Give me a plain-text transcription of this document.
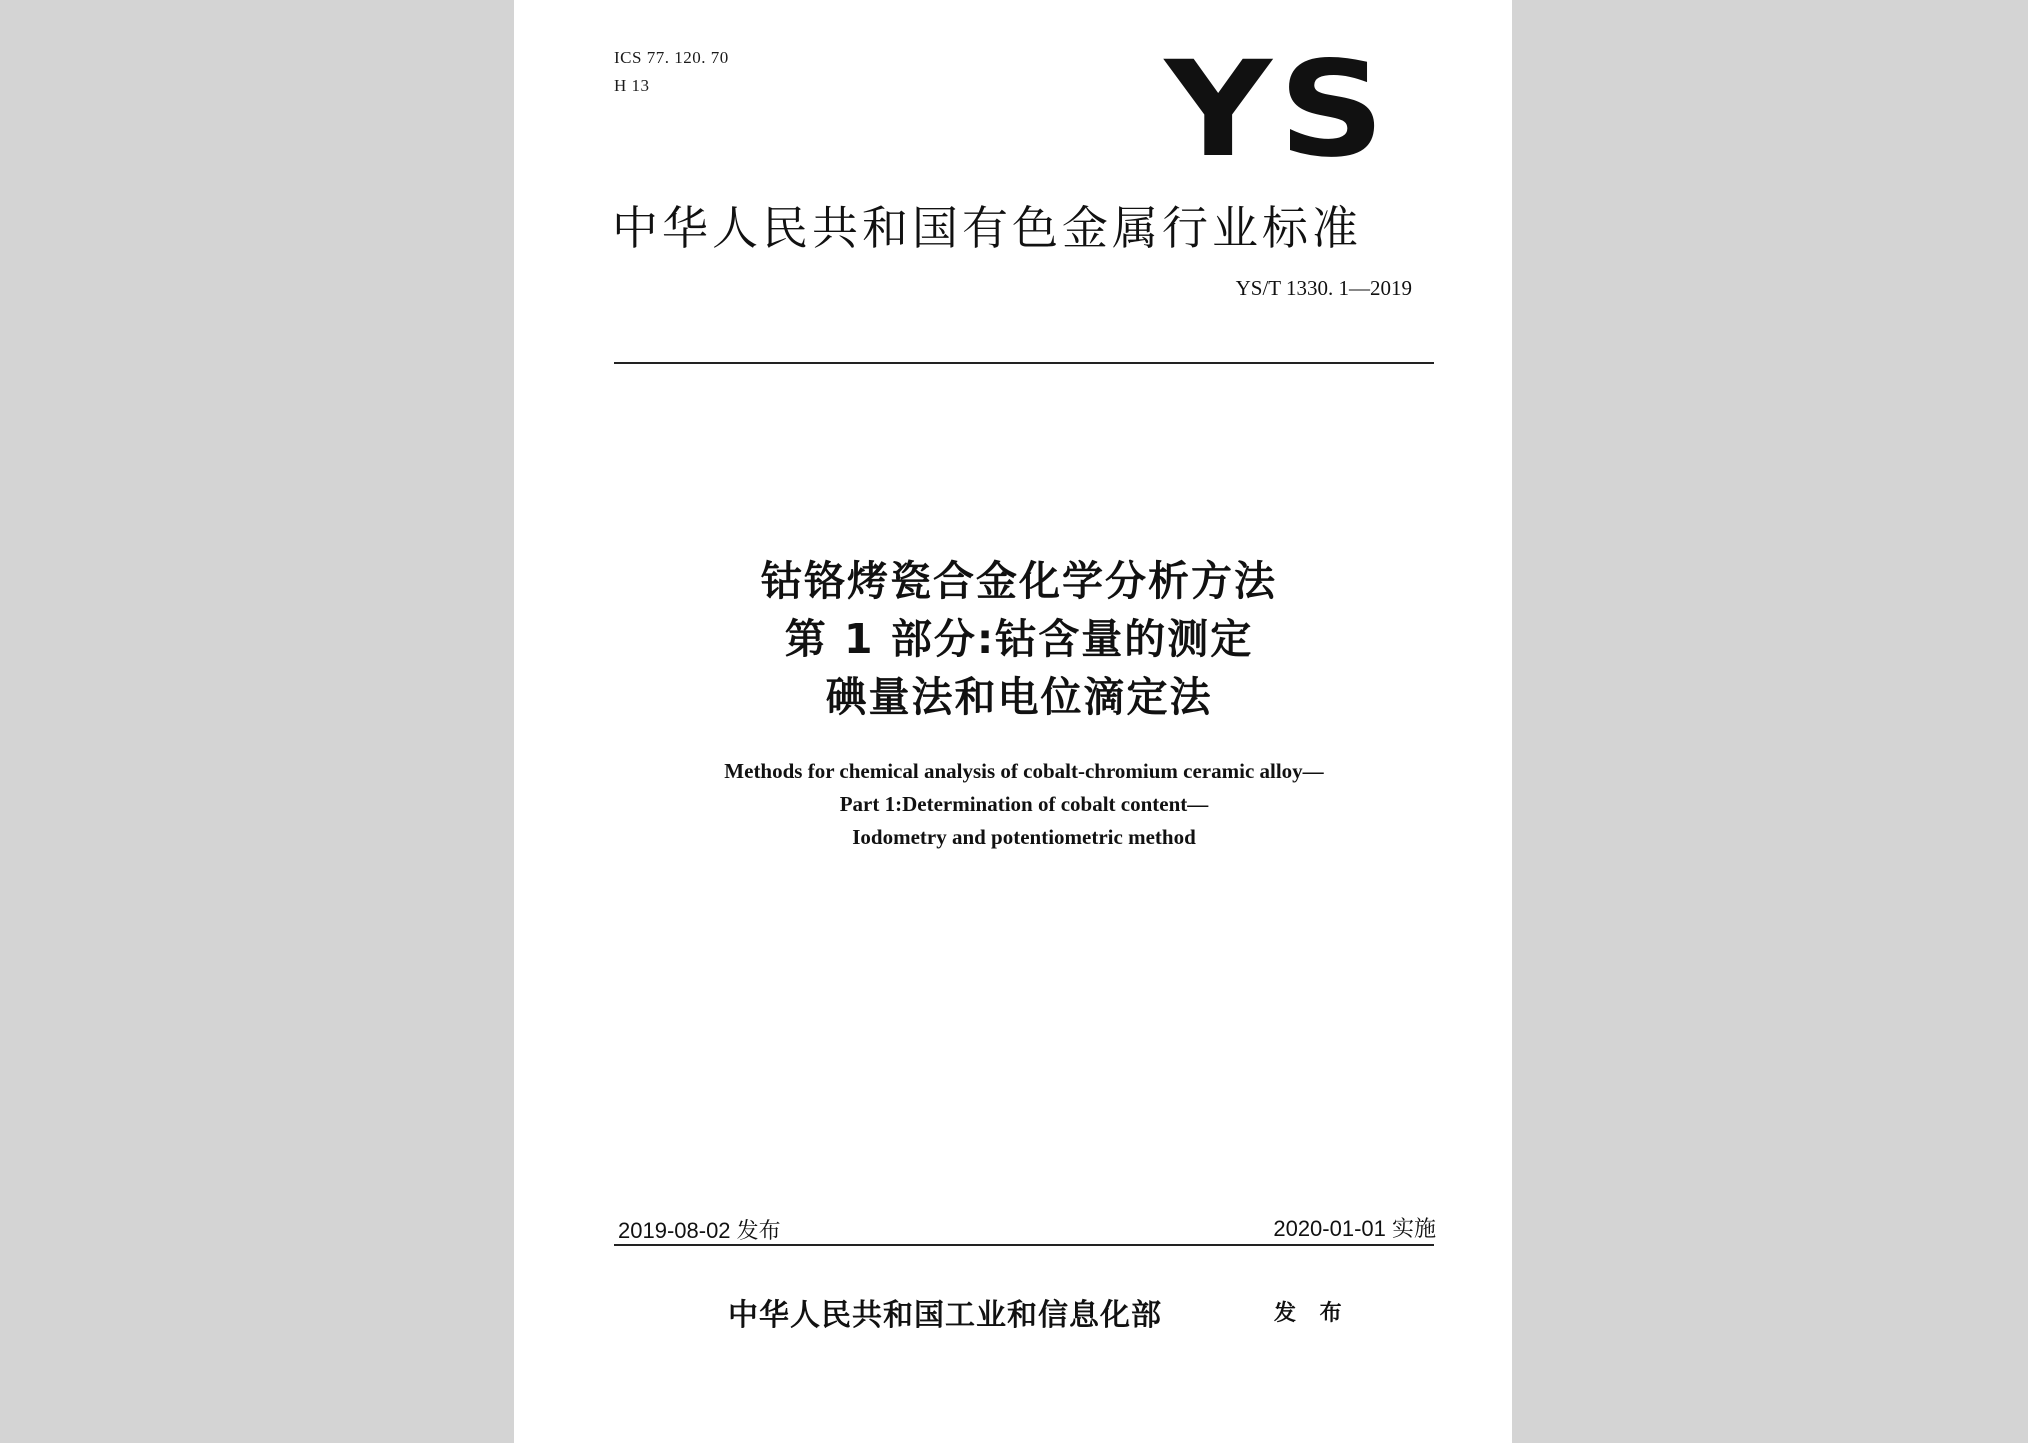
ICS 77. 120. 70
H 13	YS
中华人民共和国有色金属行业标准
YS/T 1330. 1—2019
钴铬烤瓷合金化学分析方法
第 1 部分:钴含量的测定
碘量法和电位滴定法
Methods for chemical analysis of cobalt-chromium ceramic alloy—
Part 1:Determination of cobalt content—
Iodometry and potentiometric method
2019-08-02 发布	2020-01-01 实施
中华人民共和国工业和信息化部	发 布
